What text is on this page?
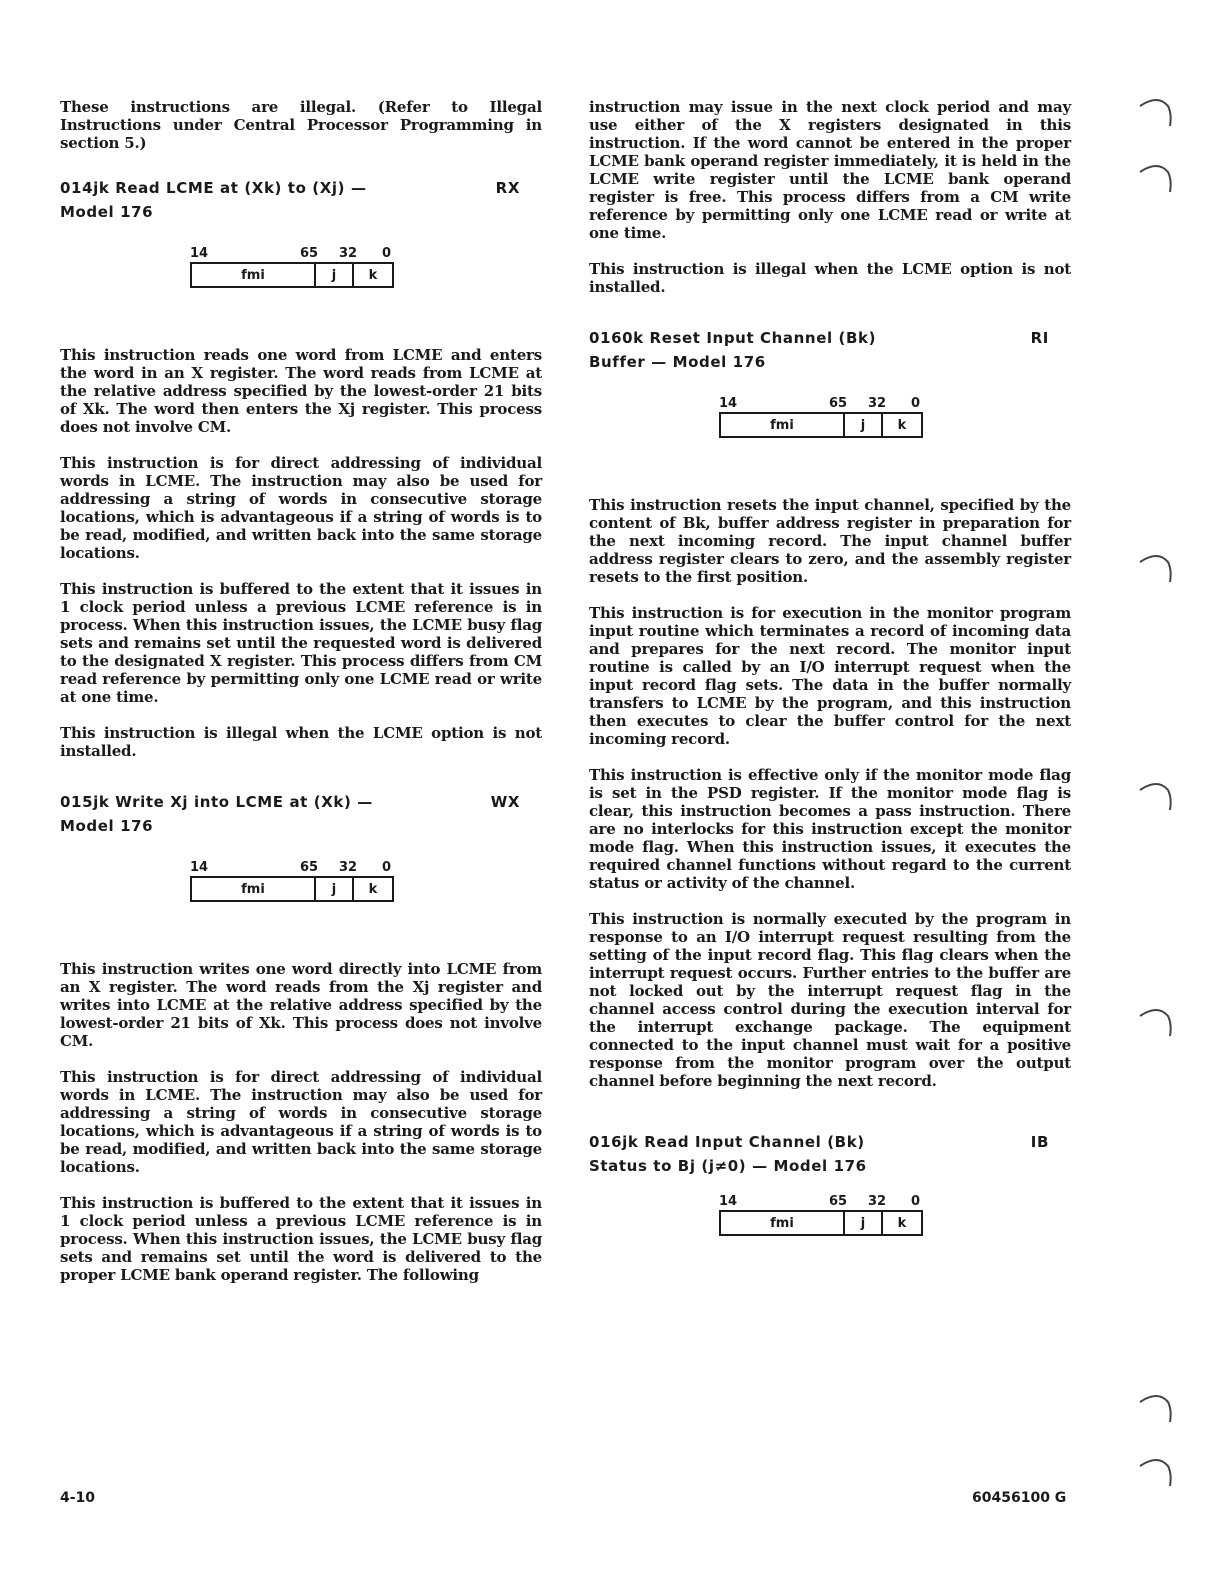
These instructions are illegal. (Refer to Illegal Instructions under Central Processor Programming in section 5.)

014jk Read LCME at (Xk) to (Xj) — Model 176
RX
14	65 32 0
fmi	j	k

This instruction reads one word from LCME and enters the word in an X register. The word reads from LCME at the relative address specified by the lowest-order 21 bits of Xk. The word then enters the Xj register. This process does not involve CM.

This instruction is for direct addressing of individual words in LCME. The instruction may also be used for addressing a string of words in consecutive storage locations, which is advantageous if a string of words is to be read, modified, and written back into the same storage locations.

This instruction is buffered to the extent that it issues in 1 clock period unless a previous LCME reference is in process. When this instruction issues, the LCME busy flag sets and remains set until the requested word is delivered to the designated X register. This process differs from CM read reference by permitting only one LCME read or write at one time.

This instruction is illegal when the LCME option is not installed.

015jk Write Xj into LCME at (Xk) — Model 176
WX
14	65 32 0
fmi	j	k

This instruction writes one word directly into LCME from an X register. The word reads from the Xj register and writes into LCME at the relative address specified by the lowest-order 21 bits of Xk. This process does not involve CM.

This instruction is for direct addressing of individual words in LCME. The instruction may also be used for addressing a string of words in consecutive storage locations, which is advantageous if a string of words is to be read, modified, and written back into the same storage locations.

This instruction is buffered to the extent that it issues in 1 clock period unless a previous LCME reference is in process. When this instruction issues, the LCME busy flag sets and remains set until the word is delivered to the proper LCME bank operand register. The following

instruction may issue in the next clock period and may use either of the X registers designated in this instruction. If the word cannot be entered in the proper LCME bank operand register immediately, it is held in the LCME write register until the LCME bank operand register is free. This process differs from a CM write reference by permitting only one LCME read or write at one time.

This instruction is illegal when the LCME option is not installed.

0160k Reset Input Channel (Bk) Buffer — Model 176
RI
14	65 32 0
fmi	j	k

This instruction resets the input channel, specified by the content of Bk, buffer address register in preparation for the next incoming record. The input channel buffer address register clears to zero, and the assembly register resets to the first position.

This instruction is for execution in the monitor program input routine which terminates a record of incoming data and prepares for the next record. The monitor input routine is called by an I/O interrupt request when the input record flag sets. The data in the buffer normally transfers to LCME by the program, and this instruction then executes to clear the buffer control for the next incoming record.

This instruction is effective only if the monitor mode flag is set in the PSD register. If the monitor mode flag is clear, this instruction becomes a pass instruction. There are no interlocks for this instruction except the monitor mode flag. When this instruction issues, it executes the required channel functions without regard to the current status or activity of the channel.

This instruction is normally executed by the program in response to an I/O interrupt request resulting from the setting of the input record flag. This flag clears when the interrupt request occurs. Further entries to the buffer are not locked out by the interrupt request flag in the channel access control during the execution interval for the interrupt exchange package. The equipment connected to the input channel must wait for a positive response from the monitor program over the output channel before beginning the next record.

016jk Read Input Channel (Bk) Status to Bj (j≠0) — Model 176
IB
14	65 32 0
fmi	j	k
4-10	60456100 G
